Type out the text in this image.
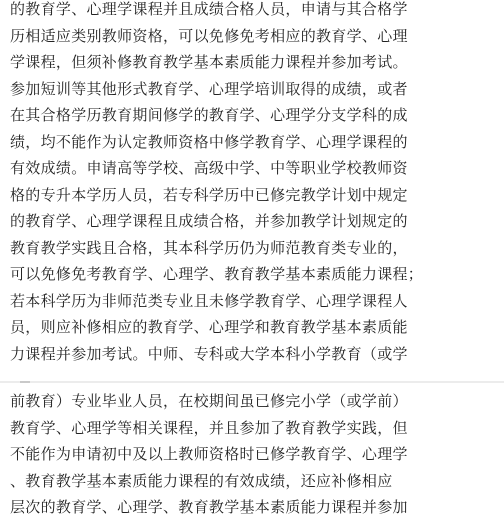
的教育学、心理学课程并且成绩合格人员，申请与其合格学
历相适应类别教师资格，可以免修免考相应的教育学、心理
学课程，但须补修教育教学基本素质能力课程并参加考试。
参加短训等其他形式教育学、心理学培训取得的成绩，或者
在其合格学历教育期间修学的教育学、心理学分支学科的成
绩，均不能作为认定教师资格中修学教育学、心理学课程的
有效成绩。申请高等学校、高级中学、中等职业学校教师资
格的专升本学历人员，若专科学历中已修完教学计划中规定
的教育学、心理学课程且成绩合格，并参加教学计划规定的
教育教学实践且合格，其本科学历仍为师范教育类专业的，
可以免修免考教育学、心理学、教育教学基本素质能力课程；
若本科学历为非师范类专业且未修学教育学、心理学课程人
员，则应补修相应的教育学、心理学和教育教学基本素质能
力课程并参加考试。中师、专科或大学本科小学教育（或学
前教育）专业毕业人员，在校期间虽已修完小学（或学前）
教育学、心理学等相关课程，并且参加了教育教学实践，但
不能作为申请初中及以上教师资格时已修学教育学、心理学
、教育教学基本素质能力课程的有效成绩，还应补修相应
层次的教育学、心理学、教育教学基本素质能力课程并参加
